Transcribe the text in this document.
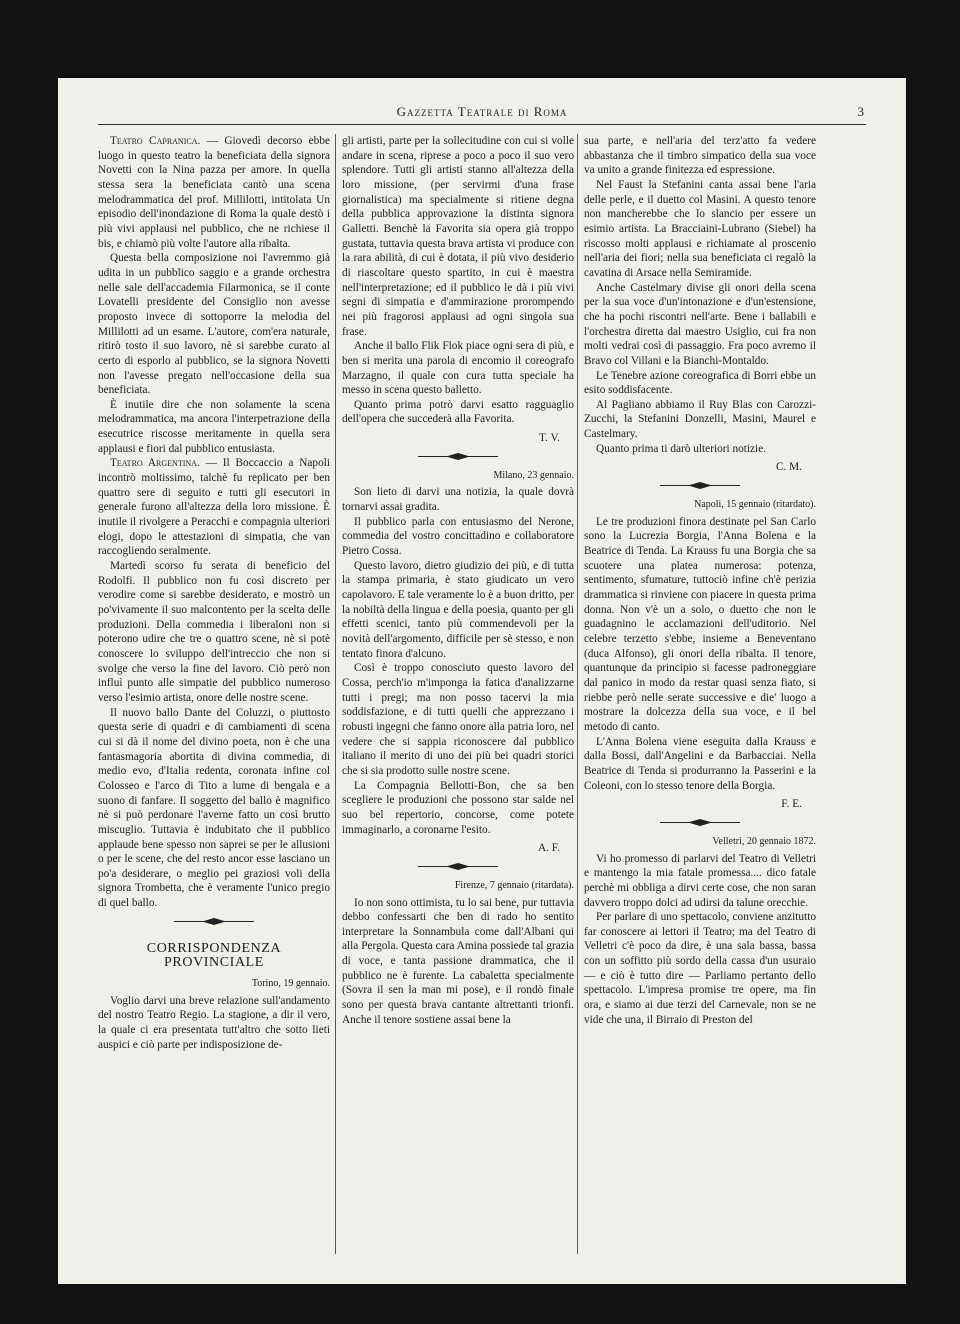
Gazzetta Teatrale di Roma	3

Teatro Capranica. — Giovedì decorso ebbe luogo in questo teatro la beneficiata della signora Novetti con la Nina pazza per amore. In quella stessa sera la beneficiata cantò una scena melodrammatica del prof. Millilotti, intitolata Un episodio dell'inondazione di Roma la quale destò i più vivi applausi nel pubblico, che ne richiese il bis, e chiamò più volte l'autore alla ribalta.

Questa bella composizione noi l'avremmo già udita in un pubblico saggio e a grande orchestra nelle sale dell'accademia Filarmonica, se il conte Lovatelli presidente del Consiglio non avesse proposto invece di sottoporre la melodia del Millilotti ad un esame. L'autore, com'era naturale, ritirò tosto il suo lavoro, nè si sarebbe curato al certo di esporlo al pubblico, se la signora Novetti non l'avesse pregato nell'occasione della sua beneficiata.

È inutile dire che non solamente la scena melodrammatica, ma ancora l'interpetrazione della esecutrice riscosse meritamente in quella sera applausi e fiori dal pubblico entusiasta.

Teatro Argentina. — Il Boccaccio a Napoli incontrò moltissimo, talchè fu replicato per ben quattro sere di seguito e tutti gli esecutori in generale furono all'altezza della loro missione. È inutile il rivolgere a Peracchi e compagnia ulteriori elogi, dopo le attestazioni di simpatia, che van raccogliendo seralmente.

Martedì scorso fu serata di beneficio del Rodolfi. Il pubblico non fu così discreto per verodire come si sarebbe desiderato, e mostrò un po'vivamente il suo malcontento per la scelta delle produzioni. Della commedia i liberaloni non si poterono udire che tre o quattro scene, nè si potè conoscere lo sviluppo dell'intreccio che non si svolge che verso la fine del lavoro. Ciò però non influì punto alle simpatie del pubblico numeroso verso l'esimio artista, onore delle nostre scene.

Il nuovo ballo Dante del Coluzzi, o piuttosto questa serie di quadri e di cambiamenti di scena cui si dà il nome del divino poeta, non è che una fantasmagoria abortita di divina commedia, di medio evo, d'Italia redenta, coronata infine col Colosseo e l'arco di Tito a lume di bengala e a suono di fanfare. Il soggetto del ballo è magnifico nè si può perdonare l'averne fatto un così brutto miscuglio. Tuttavia è indubitato che il pubblico applaude bene spesso non saprei se per le allusioni o per le scene, che del resto ancor esse lasciano un po'a desiderare, o meglio pei graziosi voli della signora Trombetta, che è veramente l'unico pregio di quel ballo.

CORRISPONDENZA PROVINCIALE

Torino, 19 gennaio.

Voglio darvi una breve relazione sull'andamento del nostro Teatro Regio. La stagione, a dir il vero, la quale ci era presentata tutt'altro che sotto lieti auspici e ciò parte per indisposizione de-

gli artisti, parte per la sollecitudine con cui si volle andare in scena, riprese a poco a poco il suo vero splendore. Tutti gli artisti stanno all'altezza della loro missione, (per servirmi d'una frase giornalistica) ma specialmente si ritiene degna della pubblica approvazione la distinta signora Galletti. Benchè la Favorita sia opera già troppo gustata, tuttavia questa brava artista vi produce con la rara abilità, di cui è dotata, il più vivo desiderio di riascoltare questo spartito, in cui è maestra nell'interpretazione; ed il pubblico le dà i più vivi segni di simpatia e d'ammirazione prorompendo nei più fragorosi applausi ad ogni singola sua frase.

Anche il ballo Flik Flok piace ogni sera di più, e ben si merita una parola di encomio il coreografo Marzagno, il quale con cura tutta speciale ha messo in scena questo balletto.

Quanto prima potrò darvi esatto ragguaglio dell'opera che succederà alla Favorita.

T. V.

Milano, 23 gennaio.

Son lieto di darvi una notizia, la quale dovrà tornarvi assai gradita.

Il pubblico parla con entusiasmo del Nerone, commedia del vostro concittadino e collaboratore Pietro Cossa.

Questo lavoro, dietro giudizio dei più, e di tutta la stampa primaria, è stato giudicato un vero capolavoro. E tale veramente lo è a buon dritto, per la nobiltà della lingua e della poesia, quanto per gli effetti scenici, tanto più commendevoli per la novità dell'argomento, difficile per sè stesso, e non tentato finora d'alcuno.

Così è troppo conosciuto questo lavoro del Cossa, perch'io m'imponga la fatica d'analizzarne tutti i pregi; ma non posso tacervi la mia soddisfazione, e di tutti quelli che apprezzano i robusti ingegni che fanno onore alla patria loro, nel vedere che si sappia riconoscere dal pubblico italiano il merito di uno dei più bei quadri storici che si sia prodotto sulle nostre scene.

La Compagnia Bellotti-Bon, che sa ben scegliere le produzioni che possono star salde nel suo bel repertorio, concorse, come potete immaginarlo, a coronarne l'esito.

A. F.

Firenze, 7 gennaio (ritardata).

Io non sono ottimista, tu lo sai bene, pur tuttavia debbo confessarti che ben di rado ho sentito interpretare la Sonnambula come dall'Albani qui alla Pergola. Questa cara Amina possiede tal grazia di voce, e tanta passione drammatica, che il pubblico ne è furente. La cabaletta specialmente (Sovra il sen la man mi pose), e il rondò finale sono per questa brava cantante altrettanti trionfi. Anche il tenore sostiene assai bene la

sua parte, e nell'aria del terz'atto fa vedere abbastanza che il timbro simpatico della sua voce va unito a grande finitezza ed espressione.

Nel Faust la Stefanini canta assai bene l'aria delle perle, e il duetto col Masini. A questo tenore non mancherebbe che lo slancio per essere un esimio artista. La Bracciaini-Lubrano (Siebel) ha riscosso molti applausi e richiamate al proscenio nell'aria dei fiori; nella sua beneficiata ci regalò la cavatina di Arsace nella Semiramide.

Anche Castelmary divise gli onori della scena per la sua voce d'un'intonazione e d'un'estensione, che ha pochi riscontri nell'arte. Bene i ballabili e l'orchestra diretta dal maestro Usiglio, cui fra non molti vedrai così di passaggio. Fra poco avremo il Bravo col Villani e la Bianchi-Montaldo.

Le Tenebre azione coreografica di Borri ebbe un esito soddisfacente.

Al Pagliano abbiamo il Ruy Blas con Carozzi-Zucchi, la Stefanini Donzelli, Masini, Maurel e Castelmary.

Quanto prima ti darò ulteriori notizie.

C. M.

Napoli, 15 gennaio (ritardato).

Le tre produzioni finora destinate pel San Carlo sono la Lucrezia Borgia, l'Anna Bolena e la Beatrice di Tenda. La Krauss fu una Borgia che sa scuotere una platea numerosa: potenza, sentimento, sfumature, tuttociò infine ch'è perizia drammatica si rinviene con piacere in questa prima donna. Non v'è un a solo, o duetto che non le guadagnino le acclamazioni dell'uditorio. Nel celebre terzetto s'ebbe, insieme a Beneventano (duca Alfonso), gli onori della ribalta. Il tenore, quantunque da principio si facesse padroneggiare dal panico in modo da restar quasi senza fiato, si riebbe però nelle serate successive e die' luogo a mostrare la dolcezza della sua voce, e il bel metodo di canto.

L'Anna Bolena viene eseguita dalla Krauss e dalla Bossi, dall'Angelini e da Barbacciai. Nella Beatrice di Tenda si produrranno la Passerini e la Coleoni, con lo stesso tenore della Borgia.

F. E.

Velletri, 20 gennaio 1872.

Vi ho promesso di parlarvi del Teatro di Velletri e mantengo la mia fatale promessa.... dico fatale perchè mi obbliga a dirvi certe cose, che non saran davvero troppo dolci ad udirsi da talune orecchie.

Per parlare di uno spettacolo, conviene anzitutto far conoscere ai lettori il Teatro; ma del Teatro di Velletri c'è poco da dire, è una sala bassa, bassa con un soffitto più sordo della cassa d'un usuraio — e ciò è tutto dire — Parliamo pertanto dello spettacolo. L'impresa promise tre opere, ma fin ora, e siamo ai due terzi del Carnevale, non se ne vide che una, il Birraio di Preston del
